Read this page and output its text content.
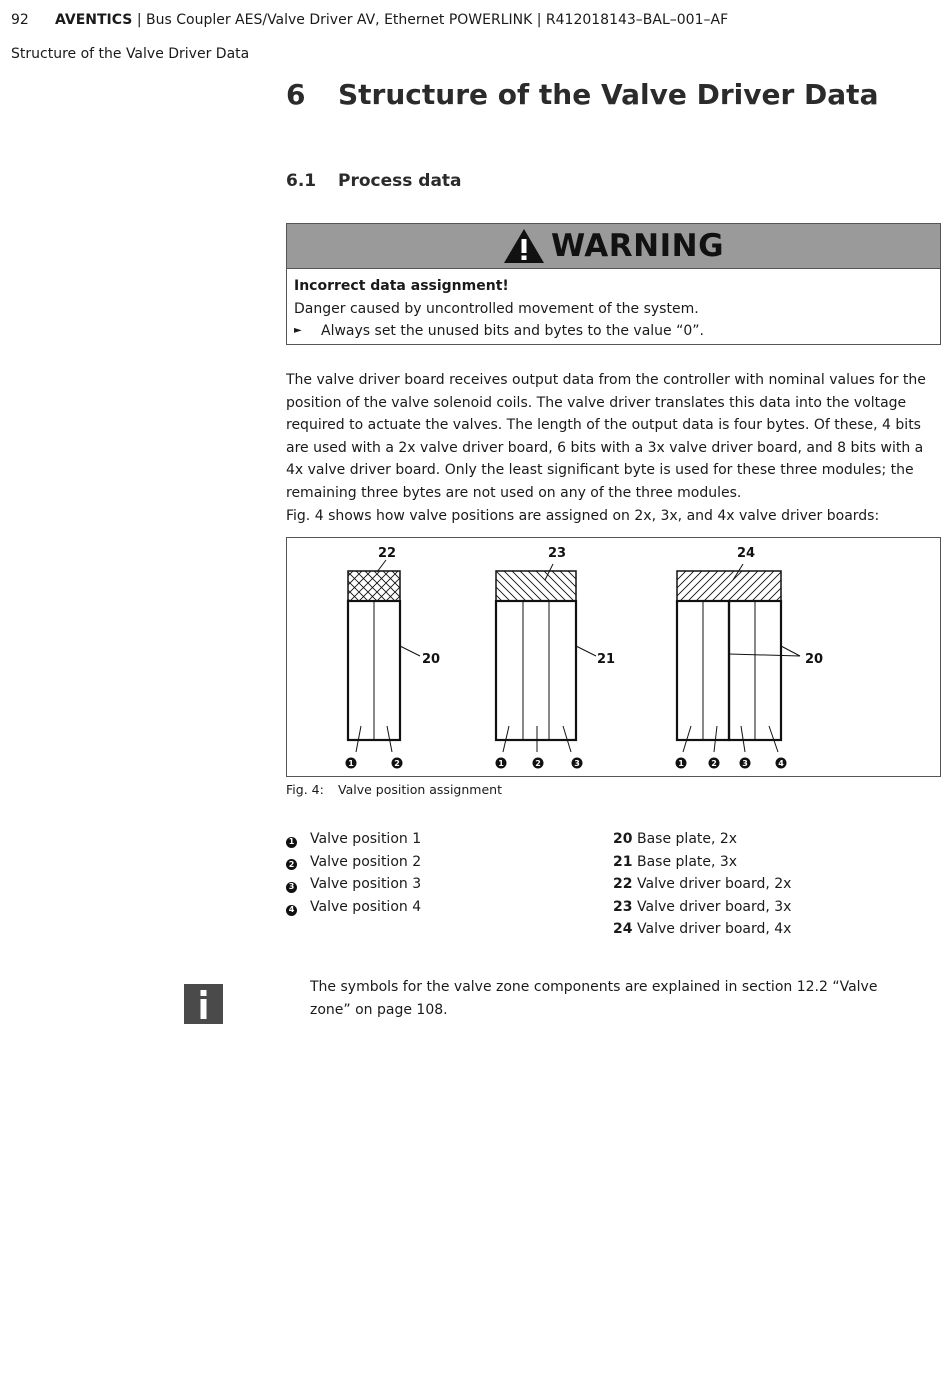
92 AVENTICS | Bus Coupler AES/Valve Driver AV, Ethernet POWERLINK | R412018143–BAL–001–AF
Structure of the Valve Driver Data
6 Structure of the Valve Driver Data
6.1 Process data
WARNING
Incorrect data assignment!
Danger caused by uncontrolled movement of the system.
►	Always set the unused bits and bytes to the value “0”.

The valve driver board receives output data from the controller with nominal values for the position of the valve solenoid coils. The valve driver translates this data into the voltage required to actuate the valves. The length of the output data is four bytes. Of these, 4 bits are used with a 2x valve driver board, 6 bits with a 3x valve driver board, and 8 bits with a 4x valve driver board. Only the least significant byte is used for these three modules; the remaining three bytes are not used on any of the three modules.

Fig. 4 shows how valve positions are assigned on 2x, 3x, and 4x valve driver boards:

22	23	24
20	21	20
1	2	1	2	3	1	2	3	4
Fig. 4: Valve position assignment
1	Valve position 1
2	Valve position 2
3	Valve position 3
4	Valve position 4
20 Base plate, 2x
21 Base plate, 3x
22 Valve driver board, 2x
23 Valve driver board, 3x
24 Valve driver board, 4x
The symbols for the valve zone components are explained in section 12.2 “Valve zone” on page 108.
